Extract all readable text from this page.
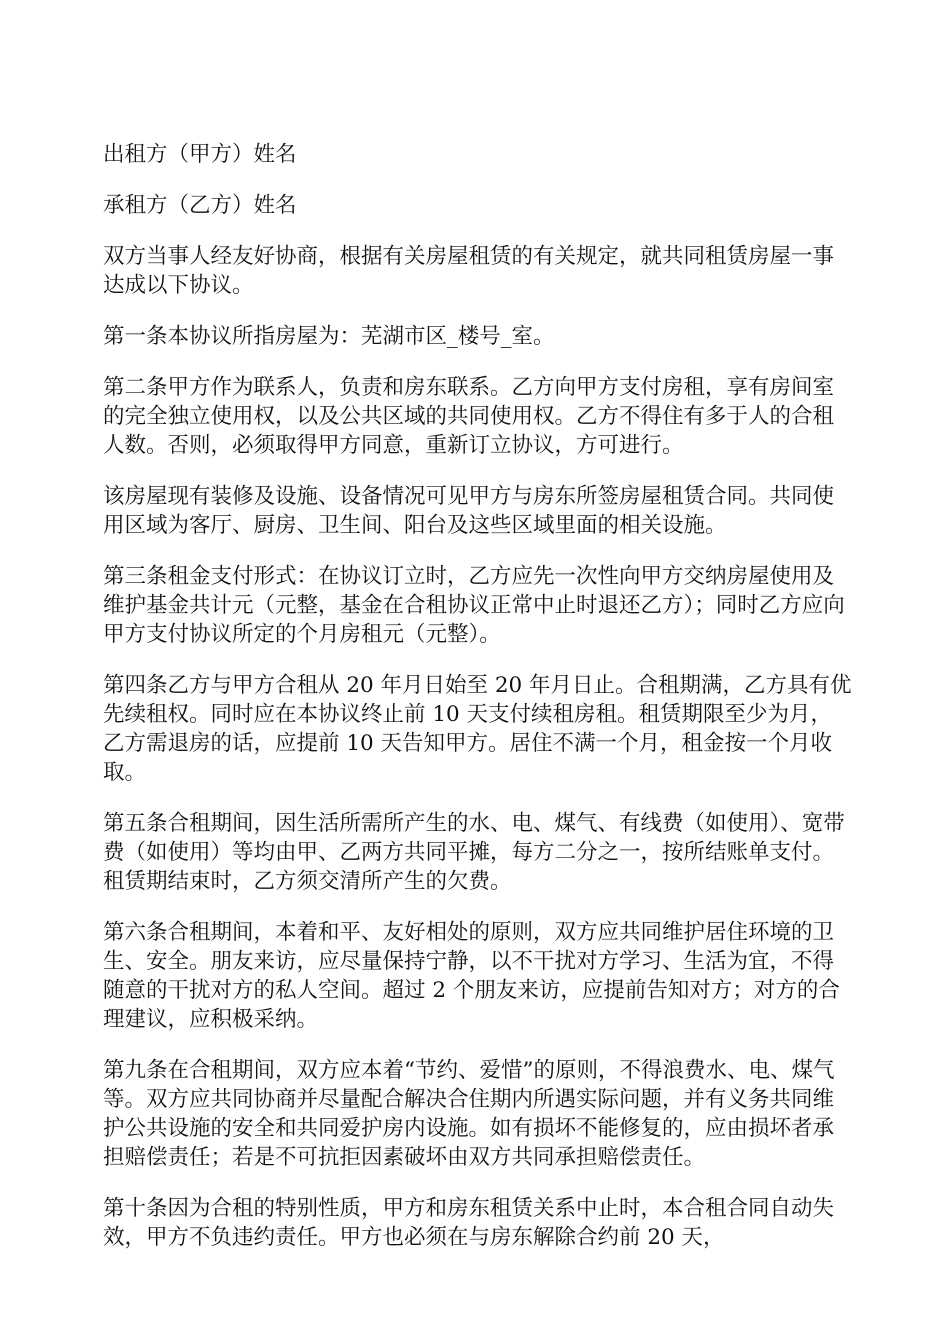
出租方（甲方）姓名

承租方（乙方）姓名

双方当事人经友好协商，根据有关房屋租赁的有关规定，就共同租赁房屋一事达成以下协议。

第一条本协议所指房屋为：芜湖市区_楼号_室。

第二条甲方作为联系人，负责和房东联系。乙方向甲方支付房租，享有房间室的完全独立使用权，以及公共区域的共同使用权。乙方不得住有多于人的合租人数。否则，必须取得甲方同意，重新订立协议，方可进行。

该房屋现有装修及设施、设备情况可见甲方与房东所签房屋租赁合同。共同使用区域为客厅、厨房、卫生间、阳台及这些区域里面的相关设施。

第三条租金支付形式：在协议订立时，乙方应先一次性向甲方交纳房屋使用及维护基金共计元（元整，基金在合租协议正常中止时退还乙方）；同时乙方应向甲方支付协议所定的个月房租元（元整）。

第四条乙方与甲方合租从 20 年月日始至 20 年月日止。合租期满，乙方具有优先续租权。同时应在本协议终止前 10 天支付续租房租。租赁期限至少为月，乙方需退房的话，应提前 10 天告知甲方。居住不满一个月，租金按一个月收取。

第五条合租期间，因生活所需所产生的水、电、煤气、有线费（如使用）、宽带费（如使用）等均由甲、乙两方共同平摊，每方二分之一，按所结账单支付。租赁期结束时，乙方须交清所产生的欠费。

第六条合租期间，本着和平、友好相处的原则，双方应共同维护居住环境的卫生、安全。朋友来访，应尽量保持宁静，以不干扰对方学习、生活为宜，不得随意的干扰对方的私人空间。超过 2 个朋友来访，应提前告知对方；对方的合理建议，应积极采纳。

第九条在合租期间，双方应本着“节约、爱惜”的原则，不得浪费水、电、煤气等。双方应共同协商并尽量配合解决合住期内所遇实际问题，并有义务共同维护公共设施的安全和共同爱护房内设施。如有损坏不能修复的，应由损坏者承担赔偿责任；若是不可抗拒因素破坏由双方共同承担赔偿责任。

第十条因为合租的特别性质，甲方和房东租赁关系中止时，本合租合同自动失效，甲方不负违约责任。甲方也必须在与房东解除合约前 20 天，
